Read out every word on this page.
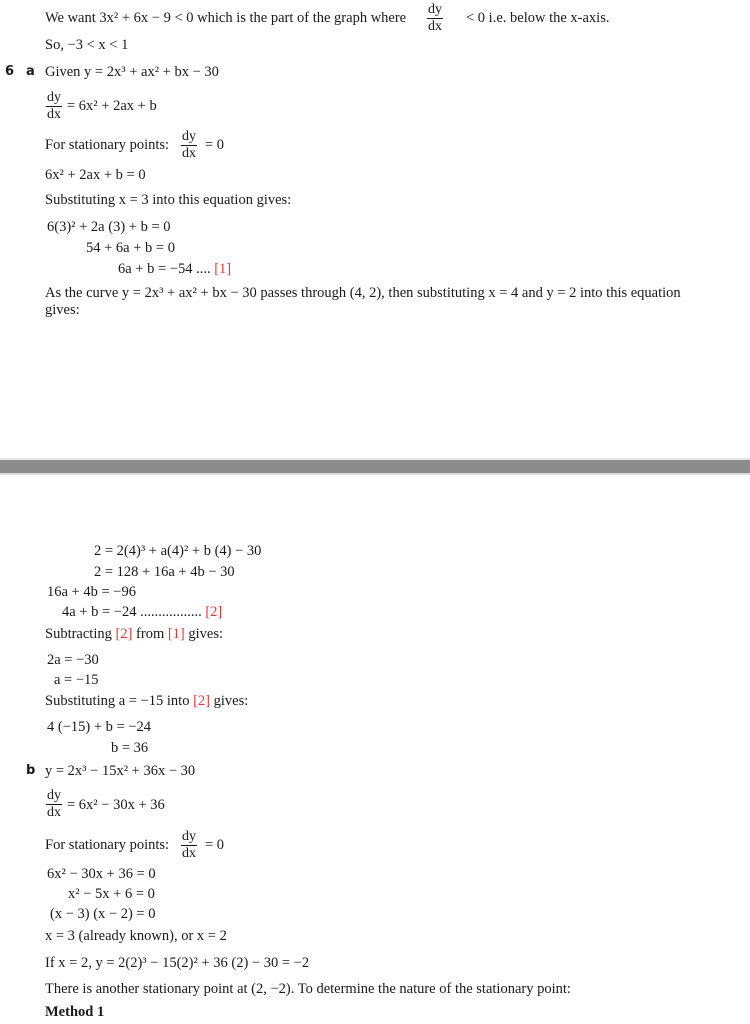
We want 3x² + 6x − 9 < 0 which is the part of the graph where
dy
dx
< 0 i.e. below the x-axis.
So, −3 < x < 1
6 a Given y = 2x³ + ax² + bx − 30
dy
dx
= 6x² + 2ax + b
For stationary points:
dy
dx
= 0
6x² + 2ax + b = 0
Substituting x = 3 into this equation gives:
6(3)² + 2a (3) + b = 0
54 + 6a + b = 0
6a + b = −54 .... [1]
As the curve y = 2x³ + ax² + bx − 30 passes through (4, 2), then substituting x = 4 and y = 2 into this equation
gives:
2 = 2(4)³ + a(4)² + b (4) − 30
2 = 128 + 16a + 4b − 30
16a + 4b = −96
4a + b = −24 ................. [2]
Subtracting [2] from [1] gives:
2a = −30
a = −15
Substituting a = −15 into [2] gives:
4 (−15) + b = −24
b = 36
b y = 2x³ − 15x² + 36x − 30
dy
dx = 6x² − 30x + 36
For stationary points:
dy
dx
= 0
6x² − 30x + 36 = 0
x² − 5x + 6 = 0
(x − 3) (x − 2) = 0
x = 3 (already known), or x = 2
If x = 2, y = 2(2)³ − 15(2)² + 36 (2) − 30 = −2
There is another stationary point at (2, −2). To determine the nature of the stationary point:
Method 1
